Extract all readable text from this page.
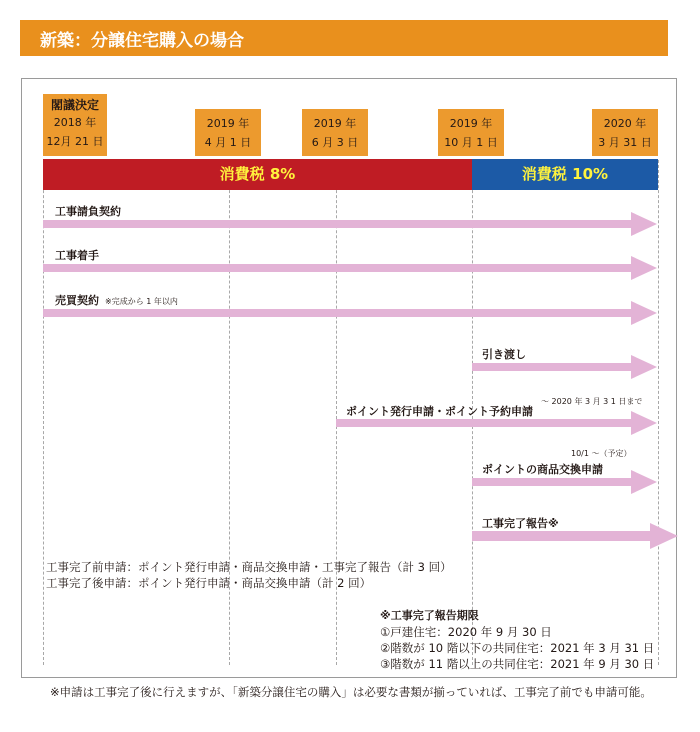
新築：分譲住宅購入の場合
閣議決定
2018 年
12月 21 日
2019 年
4 月 1 日
2019 年
6 月 3 日
2019 年
10 月 1 日
2020 年
3 月 31 日
消費税 8%	消費税 10%
工事請負契約
工事着手
売買契約 ※完成から 1 年以内
引き渡し
ポイント発行申請・ポイント予約申請
～ 2020 年 3 月 3 1 日まで
10/1 ～（予定）
ポイントの商品交換申請
工事完了報告※
工事完了前申請：ポイント発行申請・商品交換申請・工事完了報告（計 3 回）
工事完了後申請：ポイント発行申請・商品交換申請（計 2 回）
※工事完了報告期限
①戸建住宅：2020 年 9 月 30 日
②階数が 10 階以下の共同住宅：2021 年 3 月 31 日
③階数が 11 階以上の共同住宅：2021 年 9 月 30 日
※申請は工事完了後に行えますが、「新築分譲住宅の購入」は必要な書類が揃っていれば、工事完了前でも申請可能。
